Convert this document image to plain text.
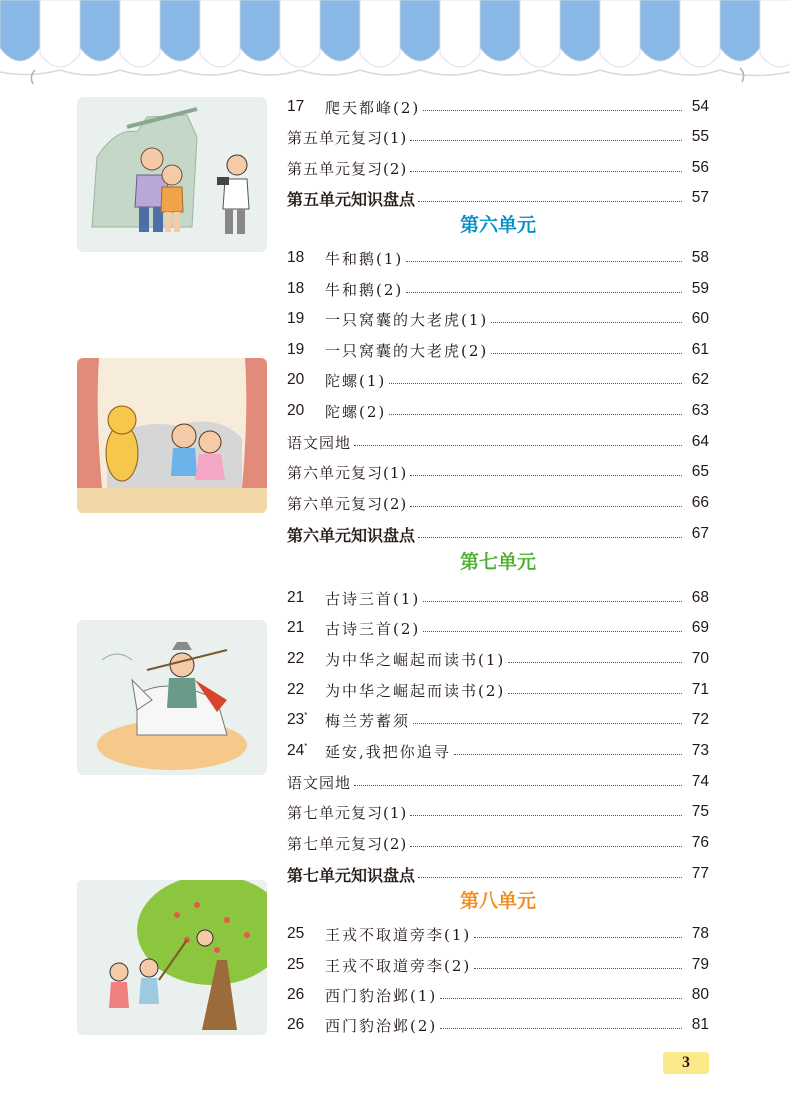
第六单元
第七单元
第八单元
17	爬天都峰(2)	54
第五单元复习(1)	55
第五单元复习(2)	56
第五单元知识盘点	57
18	牛和鹅(1)	58
18	牛和鹅(2)	59
19	一只窝囊的大老虎(1)	60
19	一只窝囊的大老虎(2)	61
20	陀螺(1)	62
20	陀螺(2)	63
语文园地	64
第六单元复习(1)	65
第六单元复习(2)	66
第六单元知识盘点	67
21	古诗三首(1)	68
21	古诗三首(2)	69
22	为中华之崛起而读书(1)	70
22	为中华之崛起而读书(2)	71
23*	梅兰芳蓄须	72
24*	延安,我把你追寻	73
语文园地	74
第七单元复习(1)	75
第七单元复习(2)	76
第七单元知识盘点	77
25	王戎不取道旁李(1)	78
25	王戎不取道旁李(2)	79
26	西门豹治邺(1)	80
26	西门豹治邺(2)	81
3
